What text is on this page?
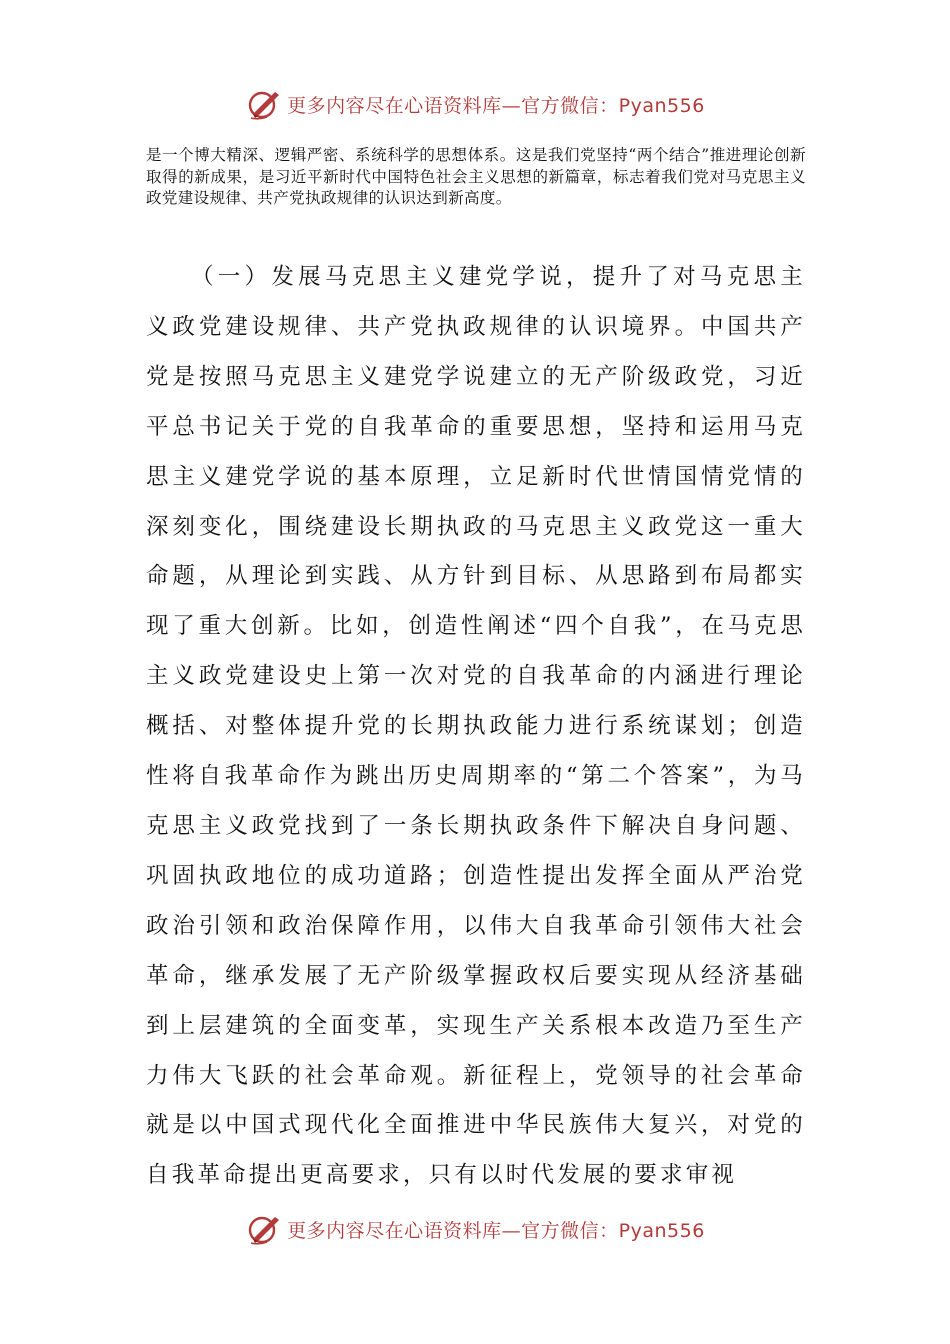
更多内容尽在心语资料库—官方微信：Pyan556

是一个博大精深、逻辑严密、系统科学的思想体系。这是我们党坚持“两个结合”推进理论创新取得的新成果，是习近平新时代中国特色社会主义思想的新篇章，标志着我们党对马克思主义政党建设规律、共产党执政规律的认识达到新高度。

（一）发展马克思主义建党学说，提升了对马克思主义政党建设规律、共产党执政规律的认识境界。中国共产党是按照马克思主义建党学说建立的无产阶级政党，习近平总书记关于党的自我革命的重要思想，坚持和运用马克思主义建党学说的基本原理，立足新时代世情国情党情的深刻变化，围绕建设长期执政的马克思主义政党这一重大命题，从理论到实践、从方针到目标、从思路到布局都实现了重大创新。比如，创造性阐述“四个自我”，在马克思主义政党建设史上第一次对党的自我革命的内涵进行理论概括、对整体提升党的长期执政能力进行系统谋划；创造性将自我革命作为跳出历史周期率的“第二个答案”，为马克思主义政党找到了一条长期执政条件下解决自身问题、巩固执政地位的成功道路；创造性提出发挥全面从严治党政治引领和政治保障作用，以伟大自我革命引领伟大社会革命，继承发展了无产阶级掌握政权后要实现从经济基础到上层建筑的全面变革，实现生产关系根本改造乃至生产力伟大飞跃的社会革命观。新征程上，党领导的社会革命就是以中国式现代化全面推进中华民族伟大复兴，对党的自我革命提出更高要求，只有以时代发展的要求审视

更多内容尽在心语资料库—官方微信：Pyan556
